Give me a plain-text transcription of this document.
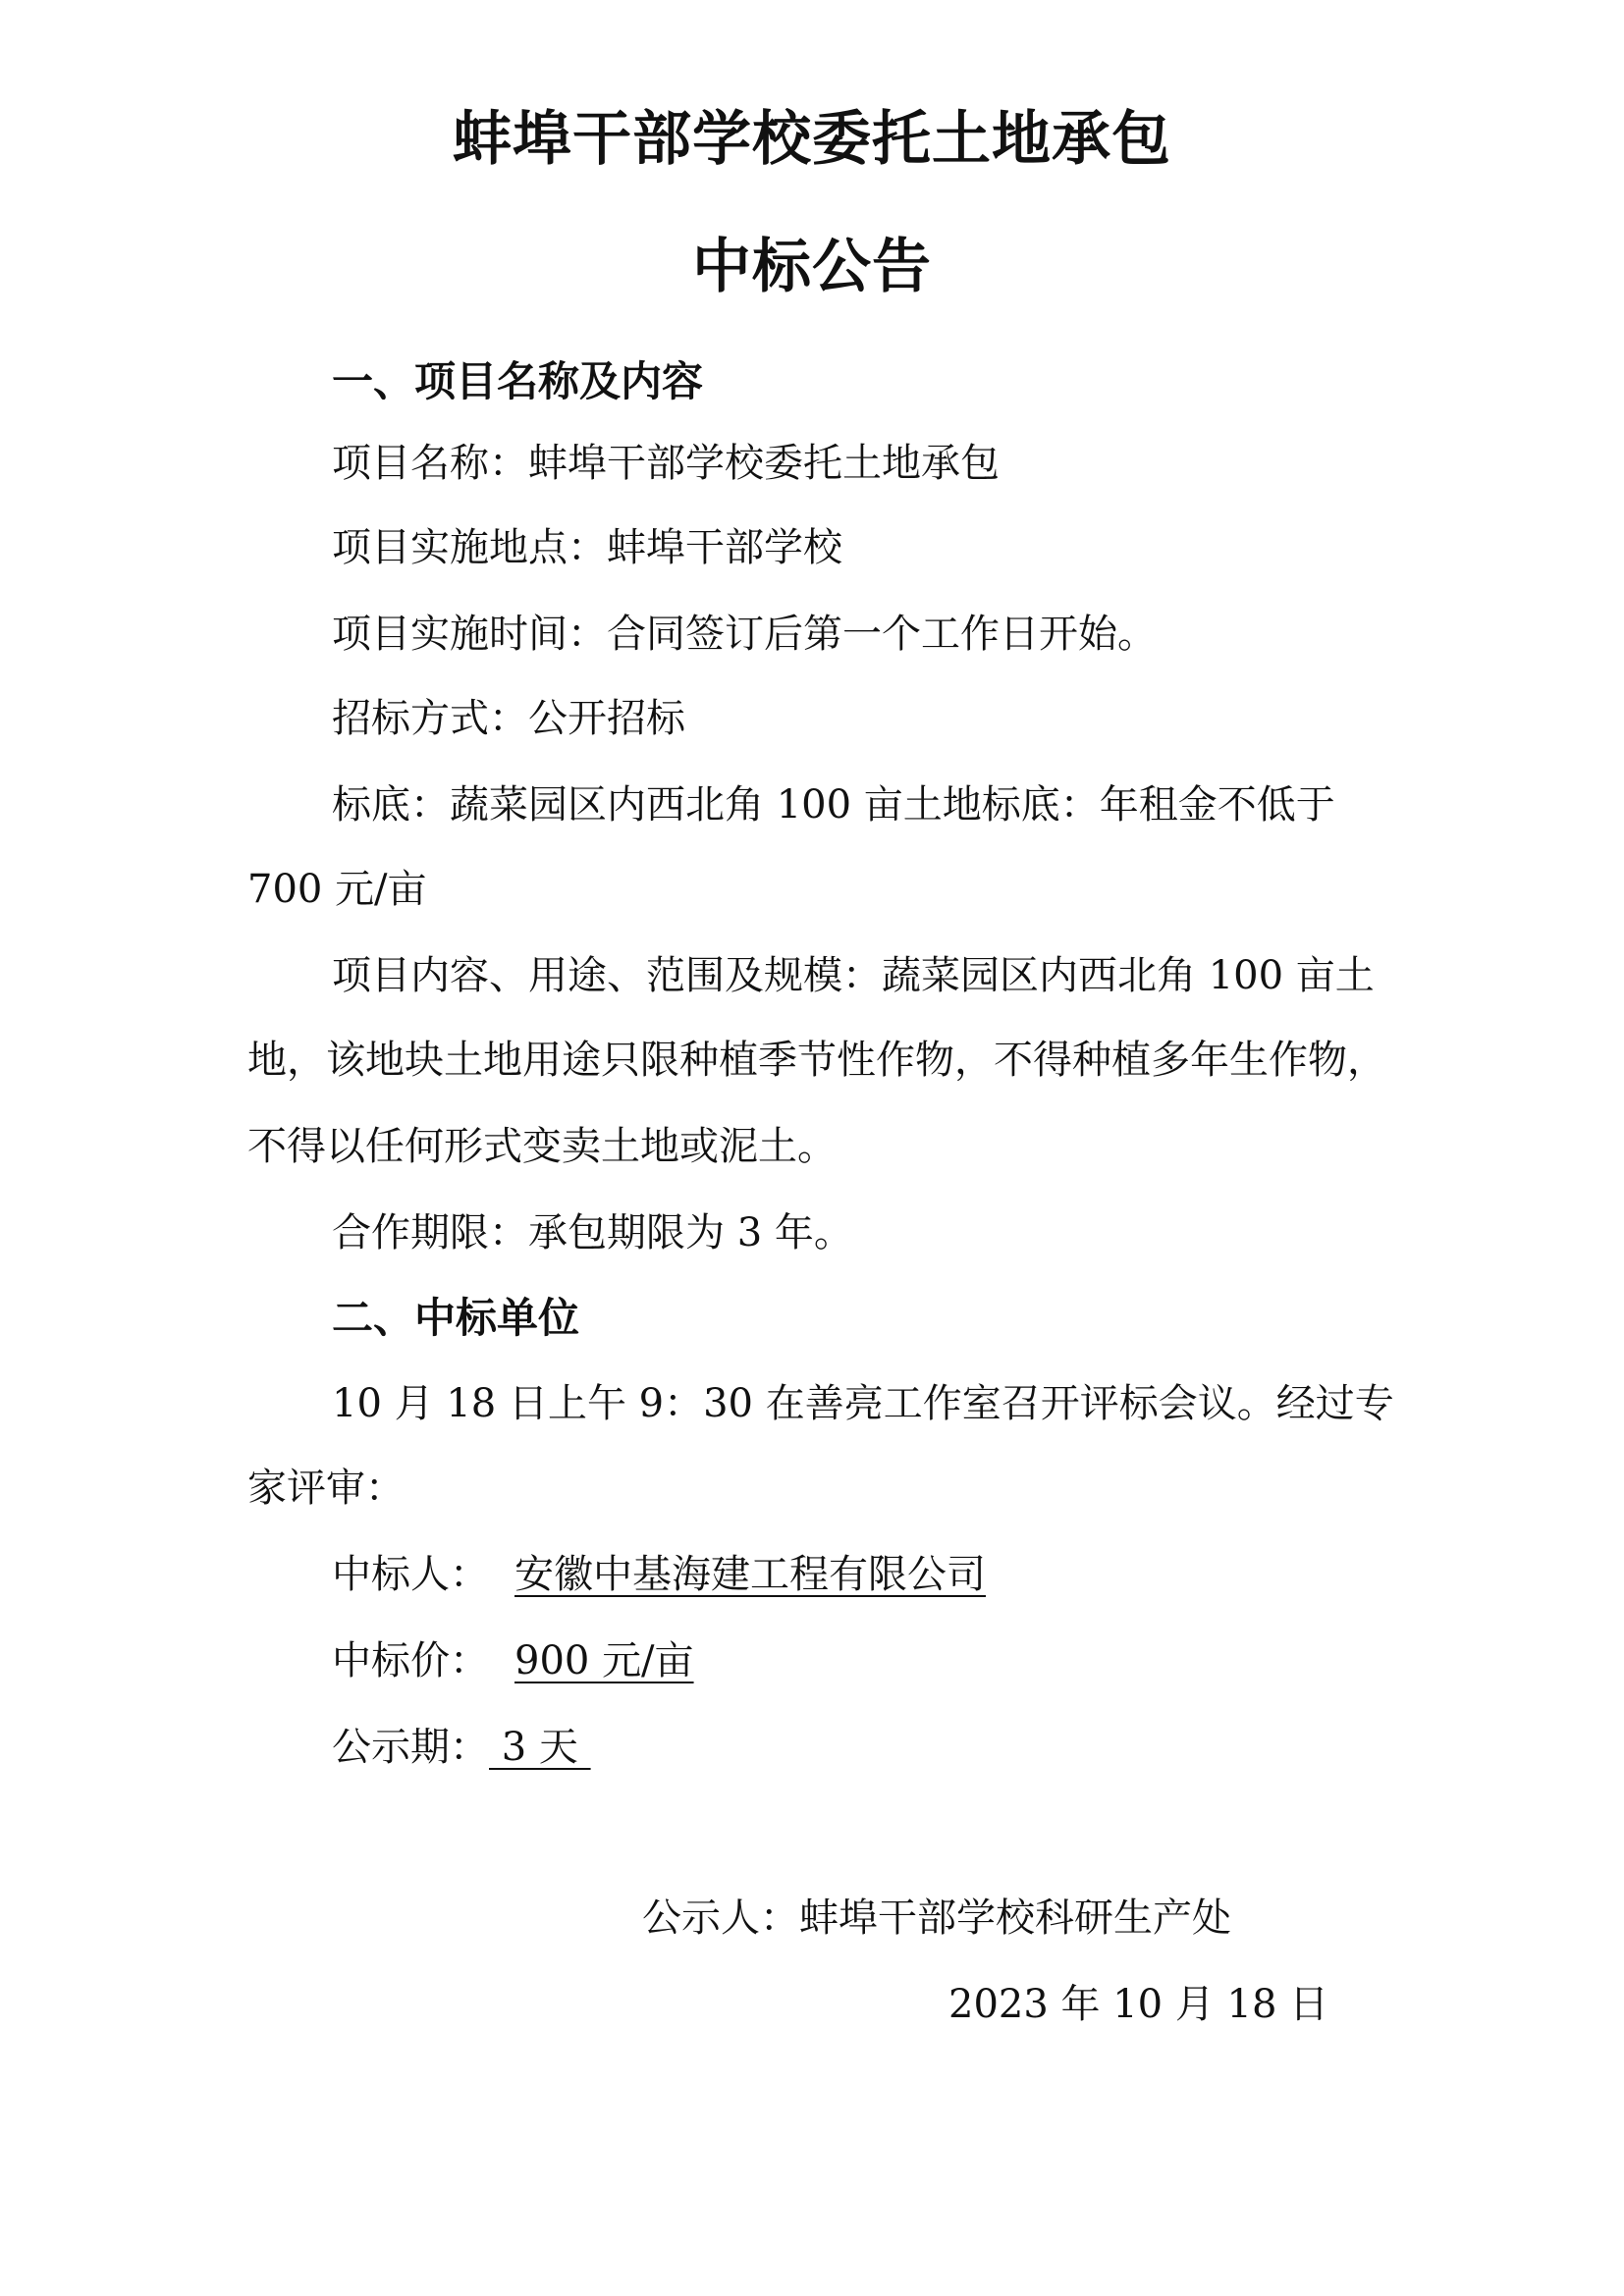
蚌埠干部学校委托土地承包
中标公告
一、项目名称及内容
项目名称：蚌埠干部学校委托土地承包
项目实施地点：蚌埠干部学校
项目实施时间：合同签订后第一个工作日开始。
招标方式：公开招标
标底：蔬菜园区内西北角 100 亩土地标底：年租金不低于
700 元/亩
项目内容、用途、范围及规模：蔬菜园区内西北角 100 亩土
地，该地块土地用途只限种植季节性作物，不得种植多年生作物，
不得以任何形式变卖土地或泥土。
合作期限：承包期限为 3 年。
二、中标单位
10 月 18 日上午 9：30 在善亮工作室召开评标会议。经过专
家评审：
中标人： 安徽中基海建工程有限公司
中标价： 900 元/亩
公示期： 3 天
公示人：蚌埠干部学校科研生产处
2023 年 10 月 18 日
